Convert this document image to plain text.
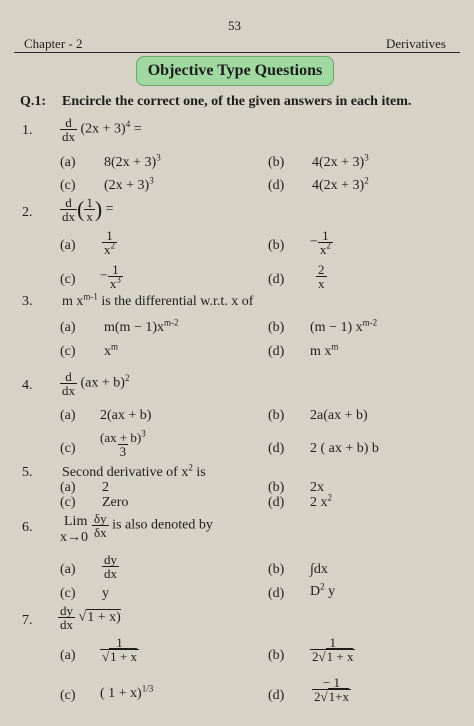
53
Chapter - 2	Derivatives
Objective Type Questions
Q.1: Encircle the correct one, of the given answers in each item.
1. $\frac{d}{dx} (2x + 3)^4$ =
(a) $8(2x + 3)^3$	(b) $4(2x + 3)^3$
(c) $(2x + 3)^3$	(d) $4(2x + 3)^2$
2. $\frac{d}{dx}$ ( $\frac{1}{x}$ ) =
$(a) \frac{1}{x^2}$	$(b) - \frac{1}{x^2}$
$(c) - \frac{1}{x^3}$	$(d) \frac{2}{x}$
3. m $x^{m-1}$ is the differential w.r.t. x of
(a) $m(m - 1)x^{m-2}$	(b) (m − 1) $x^{m-2}$
(c) $x^m$	(d) m $x^m$
4. $\frac{d}{dx} (ax + b)^2$
(a) 2(ax + b)	(b) 2a(ax + b)
$(c) \frac{(ax + b)^3}{3}$	(d) 2 ( ax + b) b
5. Second derivative of $x^2$ is
(a) 2	(b) 2x
(c) Zero	(d) 2 $x^2$
6. Lim
$x\to 0 \frac{\delta y}{\delta x}$ is also denoted by
$(a) \frac{dy}{dx}$	(b) ∫dx
(c) y	(d) $D^2$ y
7. $\frac{dy}{dx} √1 + x$)
$(a) \frac{1}{√1 + x}$	$(b) \frac{1}{2√1 + x}$
(c) ( 1 + x)$^{1/3}$	$(d) \frac{- 1}{2√1+x}$
